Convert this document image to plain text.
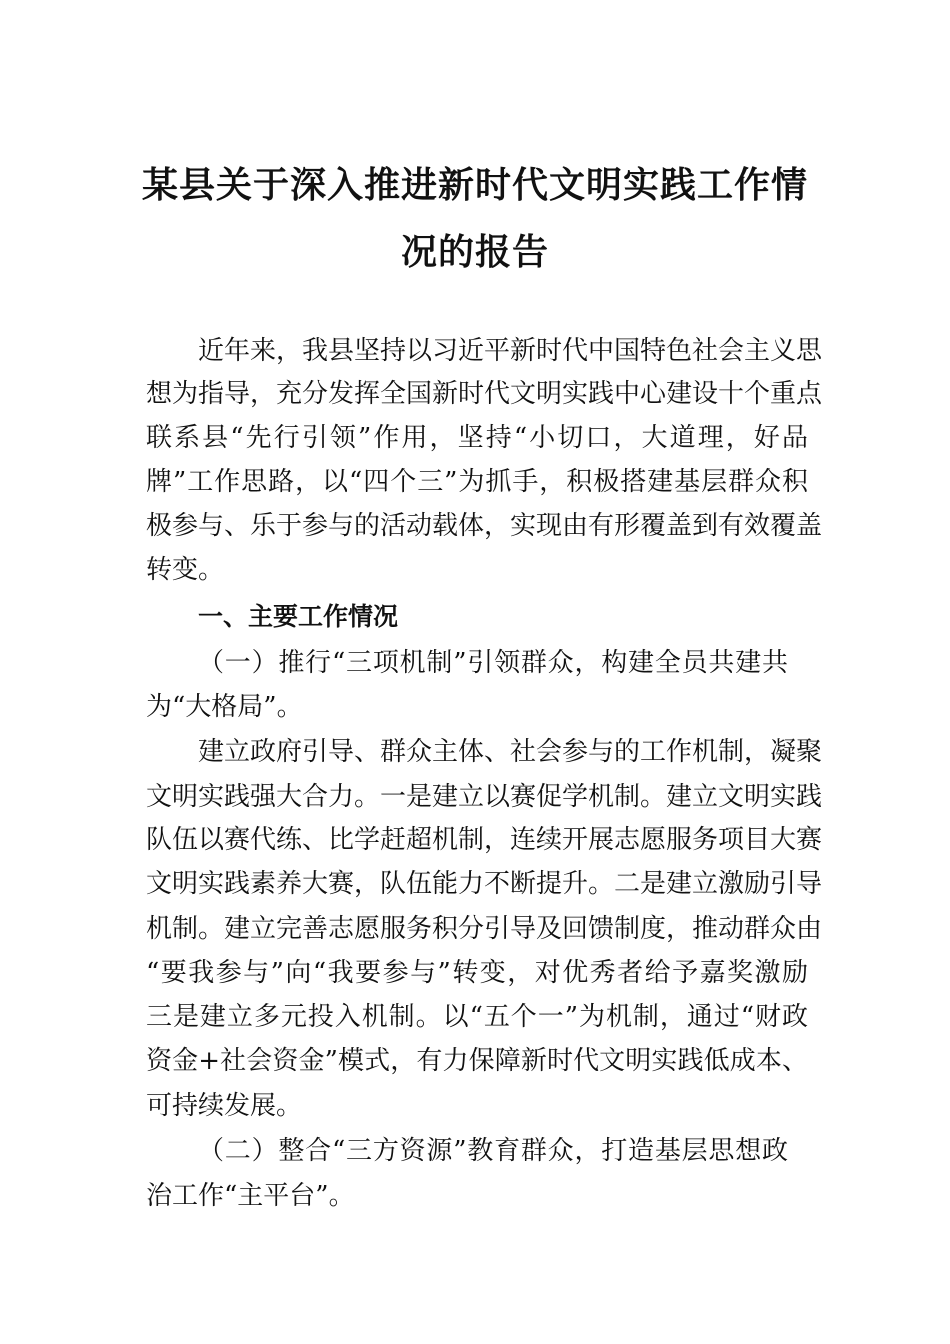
某县关于深入推进新时代文明实践工作情
况的报告
近年来，我县坚持以习近平新时代中国特色社会主义思
想为指导，充分发挥全国新时代文明实践中心建设十个重点
联系县“先行引领”作用，坚持“小切口，大道理，好品
牌”工作思路，以“四个三”为抓手，积极搭建基层群众积
极参与、乐于参与的活动载体，实现由有形覆盖到有效覆盖
转变。
一、主要工作情况
（一）推行“三项机制”引领群众，构建全员共建共
为“大格局”。
建立政府引导、群众主体、社会参与的工作机制，凝聚
文明实践强大合力。一是建立以赛促学机制。建立文明实践
队伍以赛代练、比学赶超机制，连续开展志愿服务项目大赛
文明实践素养大赛，队伍能力不断提升。二是建立激励引导
机制。建立完善志愿服务积分引导及回馈制度，推动群众由
“要我参与”向“我要参与”转变，对优秀者给予嘉奖激励
三是建立多元投入机制。以“五个一”为机制，通过“财政
资金+社会资金”模式，有力保障新时代文明实践低成本、
可持续发展。
（二）整合“三方资源”教育群众，打造基层思想政
治工作“主平台”。
